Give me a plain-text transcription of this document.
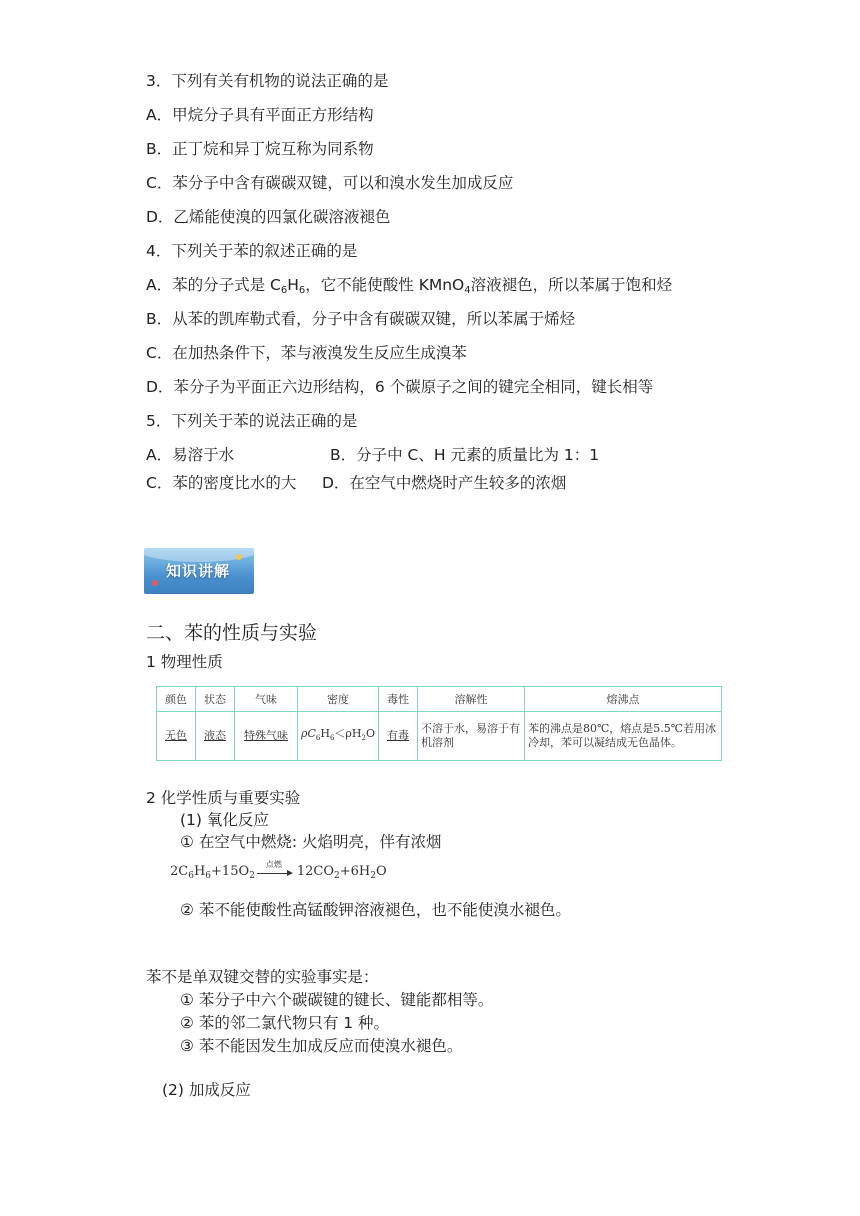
3．下列有关有机物的说法正确的是
A．甲烷分子具有平面正方形结构
B．正丁烷和异丁烷互称为同系物
C．苯分子中含有碳碳双键，可以和溴水发生加成反应
D．乙烯能使溴的四氯化碳溶液褪色
4．下列关于苯的叙述正确的是
A．苯的分子式是 $C_6H_6$，它不能使酸性 KMnO$_4$溶液褪色，所以苯属于饱和烃
B．从苯的凯库勒式看，分子中含有碳碳双键，所以苯属于烯烃
C．在加热条件下，苯与液溴发生反应生成溴苯
D．苯分子为平面正六边形结构，6 个碳原子之间的键完全相同，键长相等
5．下列关于苯的说法正确的是
A．易溶于水	B．分子中 C、H 元素的质量比为 1：1
C．苯的密度比水的大 D．在空气中燃烧时产生较多的浓烟
知识讲解
二、苯的性质与实验
1 物理性质
颜色	状态	气味	密度	毒性	溶解性	熔沸点
无色	液态	特殊气味	$\rho C_6H_6<\rho H_2O$	有毒	不溶于水，易溶于有机溶剂	苯的沸点是80℃，熔点是5.5℃若用冰冷却，苯可以凝结成无色晶体。
2 化学性质与重要实验
(1) 氧化反应
① 在空气中燃烧: 火焰明亮，伴有浓烟
$2C_6H_6+15O_2$
点燃 $12CO_2+6H_2O$
② 苯不能使酸性高锰酸钾溶液褪色，也不能使溴水褪色。
苯不是单双键交替的实验事实是：
① 苯分子中六个碳碳键的键长、键能都相等。
② 苯的邻二氯代物只有 1 种。
③ 苯不能因发生加成反应而使溴水褪色。
(2) 加成反应
